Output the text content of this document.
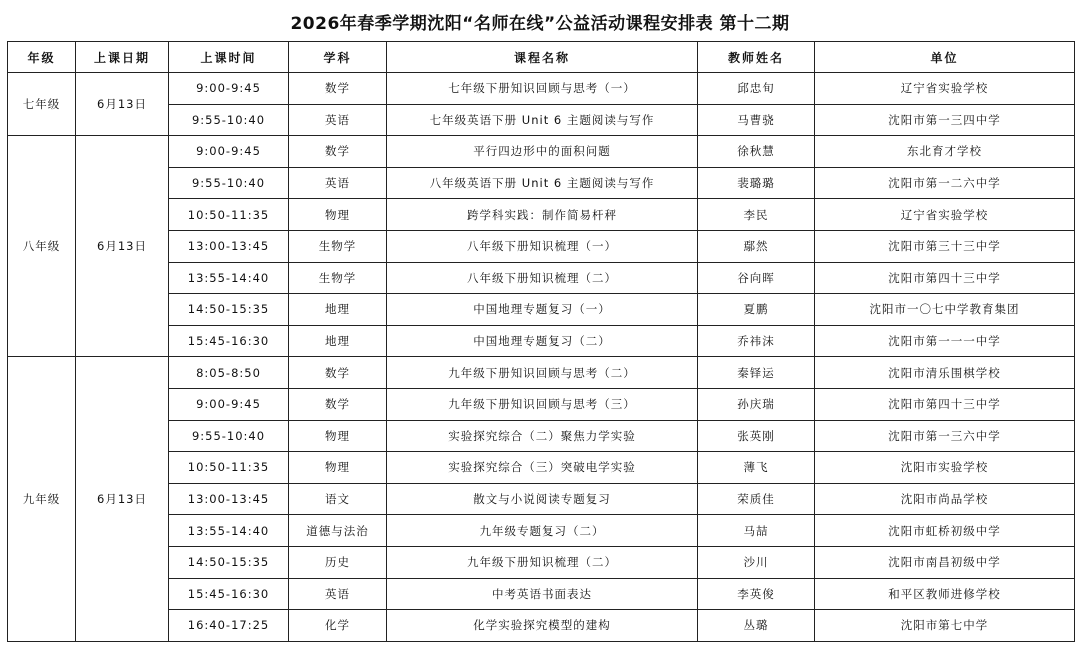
2026年春季学期沈阳“名师在线”公益活动课程安排表 第十二期
年级	上课日期	上课时间	学科	课程名称	教师姓名	单位
七年级	6月13日	9:00-9:45	数学	七年级下册知识回顾与思考（一）	邱忠旬	辽宁省实验学校
		9:55-10:40	英语	七年级英语下册 Unit 6 主题阅读与写作	马曹骁	沈阳市第一三四中学
八年级	6月13日	9:00-9:45	数学	平行四边形中的面积问题	徐秋慧	东北育才学校
		9:55-10:40	英语	八年级英语下册 Unit 6 主题阅读与写作	裴璐璐	沈阳市第一二六中学
		10:50-11:35	物理	跨学科实践：制作简易杆秤	李民	辽宁省实验学校
		13:00-13:45	生物学	八年级下册知识梳理（一）	鄢然	沈阳市第三十三中学
		13:55-14:40	生物学	八年级下册知识梳理（二）	谷向晖	沈阳市第四十三中学
		14:50-15:35	地理	中国地理专题复习（一）	夏鹏	沈阳市一〇七中学教育集团
		15:45-16:30	地理	中国地理专题复习（二）	乔祎沫	沈阳市第一一一中学
九年级	6月13日	8:05-8:50	数学	九年级下册知识回顾与思考（二）	秦铎运	沈阳市清乐围棋学校
		9:00-9:45	数学	九年级下册知识回顾与思考（三）	孙庆瑞	沈阳市第四十三中学
		9:55-10:40	物理	实验探究综合（二）聚焦力学实验	张英刚	沈阳市第一三六中学
		10:50-11:35	物理	实验探究综合（三）突破电学实验	薄飞	沈阳市实验学校
		13:00-13:45	语文	散文与小说阅读专题复习	荣质佳	沈阳市尚品学校
		13:55-14:40	道德与法治	九年级专题复习（二）	马喆	沈阳市虹桥初级中学
		14:50-15:35	历史	九年级下册知识梳理（二）	沙川	沈阳市南昌初级中学
		15:45-16:30	英语	中考英语书面表达	李英俊	和平区教师进修学校
		16:40-17:25	化学	化学实验探究模型的建构	丛璐	沈阳市第七中学
